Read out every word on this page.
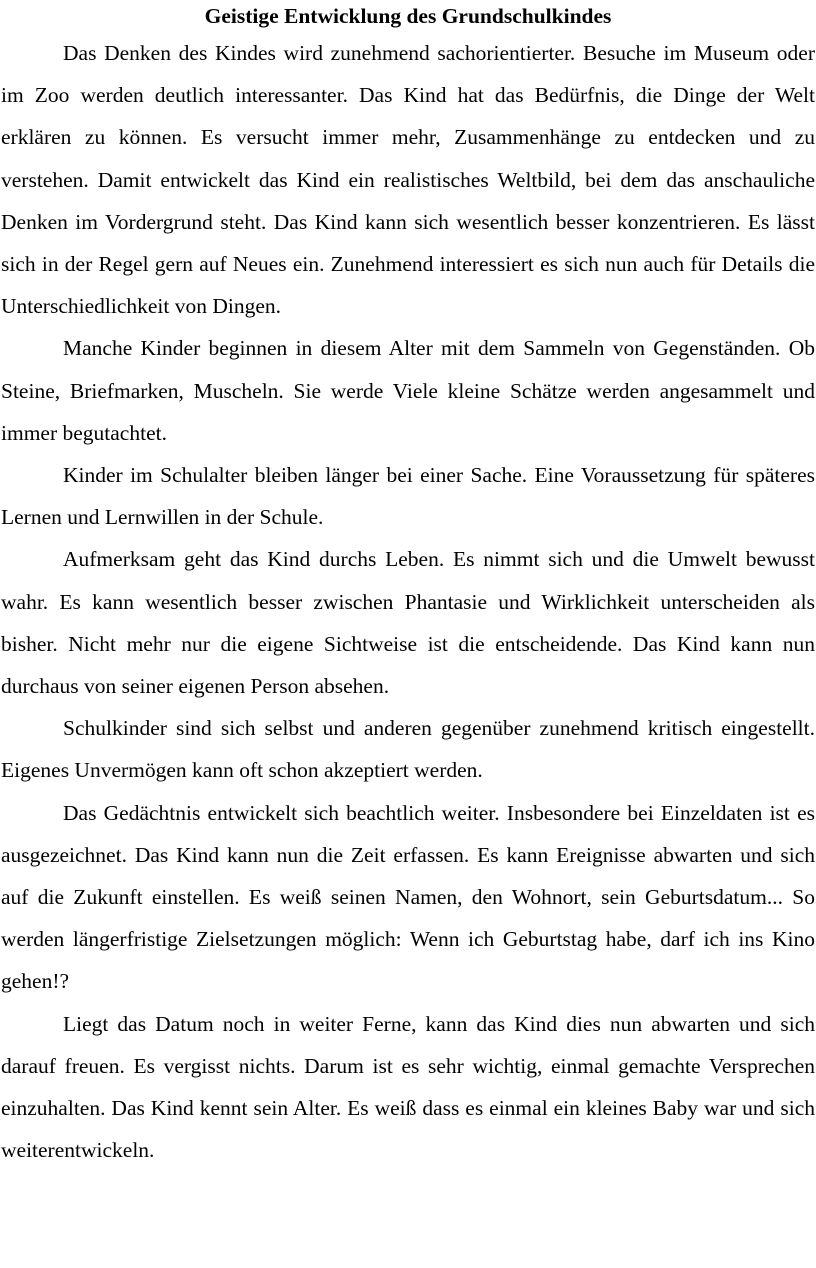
Geistige Entwicklung des Grundschulkindes

Das Denken des Kindes wird zunehmend sachorientierter. Besuche im Museum oder im Zoo werden deutlich interessanter. Das Kind hat das Bedürfnis, die Dinge der Welt erklären zu können. Es versucht immer mehr, Zusammenhänge zu entdecken und zu verstehen. Damit entwickelt das Kind ein realistisches Weltbild, bei dem das anschauliche Denken im Vordergrund steht. Das Kind kann sich wesentlich besser konzentrieren. Es lässt sich in der Regel gern auf Neues ein. Zunehmend interessiert es sich nun auch für Details die Unterschiedlichkeit von Dingen.

Manche Kinder beginnen in diesem Alter mit dem Sammeln von Gegenständen. Ob Steine, Briefmarken, Muscheln. Sie werde Viele kleine Schätze werden angesammelt und immer begutachtet.

Kinder im Schulalter bleiben länger bei einer Sache. Eine Voraussetzung für späteres Lernen und Lernwillen in der Schule.

Aufmerksam geht das Kind durchs Leben. Es nimmt sich und die Umwelt bewusst wahr. Es kann wesentlich besser zwischen Phantasie und Wirklichkeit unterscheiden als bisher. Nicht mehr nur die eigene Sichtweise ist die entscheidende. Das Kind kann nun durchaus von seiner eigenen Person absehen.

Schulkinder sind sich selbst und anderen gegenüber zunehmend kritisch eingestellt. Eigenes Unvermögen kann oft schon akzeptiert werden.

Das Gedächtnis entwickelt sich beachtlich weiter. Insbesondere bei Einzeldaten ist es ausgezeichnet. Das Kind kann nun die Zeit erfassen. Es kann Ereignisse abwarten und sich auf die Zukunft einstellen. Es weiß seinen Namen, den Wohnort, sein Geburtsdatum... So werden längerfristige Zielsetzungen möglich: Wenn ich Geburtstag habe, darf ich ins Kino gehen!?

Liegt das Datum noch in weiter Ferne, kann das Kind dies nun abwarten und sich darauf freuen. Es vergisst nichts. Darum ist es sehr wichtig, einmal gemachte Versprechen einzuhalten. Das Kind kennt sein Alter. Es weiß dass es einmal ein kleines Baby war und sich weiterentwickeln.
